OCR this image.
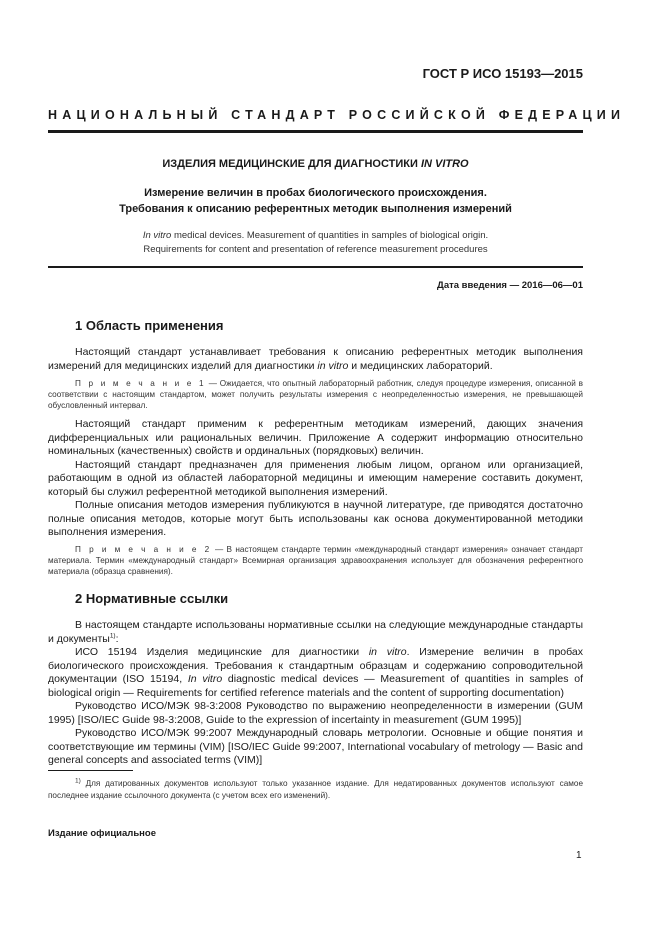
ГОСТ Р ИСО 15193—2015
НАЦИОНАЛЬНЫЙ СТАНДАРТ РОССИЙСКОЙ ФЕДЕРАЦИИ
ИЗДЕЛИЯ МЕДИЦИНСКИЕ ДЛЯ ДИАГНОСТИКИ IN VITRO
Измерение величин в пробах биологического происхождения.
Требования к описанию референтных методик выполнения измерений
In vitro medical devices. Measurement of quantities in samples of biological origin.
Requirements for content and presentation of reference measurement procedures
Дата введения — 2016—06—01
1 Область применения

Настоящий стандарт устанавливает требования к описанию референтных методик выполнения измерений для медицинских изделий для диагностики in vitro и медицинских лабораторий.

П р и м е ч а н и е 1 — Ожидается, что опытный лабораторный работник, следуя процедуре измерения, описанной в соответствии с настоящим стандартом, может получить результаты измерения с неопределенностью измерения, не превышающей обусловленный интервал.

Настоящий стандарт применим к референтным методикам измерений, дающих значения дифференциальных или рациональных величин. Приложение А содержит информацию относительно номинальных (качественных) свойств и ординальных (порядковых) величин.

Настоящий стандарт предназначен для применения любым лицом, органом или организацией, работающим в одной из областей лабораторной медицины и имеющим намерение составить документ, который бы служил референтной методикой выполнения измерений.

Полные описания методов измерения публикуются в научной литературе, где приводятся достаточно полные описания методов, которые могут быть использованы как основа документированной методики выполнения измерения.

П р и м е ч а н и е 2 — В настоящем стандарте термин «международный стандарт измерения» означает стандарт материала. Термин «международный стандарт» Всемирная организация здравоохранения использует для обозначения референтного материала (образца сравнения).

2 Нормативные ссылки

В настоящем стандарте использованы нормативные ссылки на следующие международные стандарты и документы$^{1)}$:

ИСО 15194 Изделия медицинские для диагностики in vitro. Измерение величин в пробах биологического происхождения. Требования к стандартным образцам и содержанию сопроводительной документации (ISO 15194, In vitro diagnostic medical devices — Measurement of quantities in samples of biological origin — Requirements for certified reference materials and the content of supporting documentation)

Руководство ИСО/МЭК 98-3:2008 Руководство по выражению неопределенности в измерении (GUM 1995) [ISO/IEC Guide 98-3:2008, Guide to the expression of incertainty in measurement (GUM 1995)]

Руководство ИСО/МЭК 99:2007 Международный словарь метрологии. Основные и общие понятия и соответствующие им термины (VIM) [ISO/IEC Guide 99:2007, International vocabulary of metrology — Basic and general concepts and associated terms (VIM)]

$^{1)}$ Для датированных документов используют только указанное издание. Для недатированных документов используют самое последнее издание ссылочного документа (с учетом всех его изменений).

Издание официальное
1
